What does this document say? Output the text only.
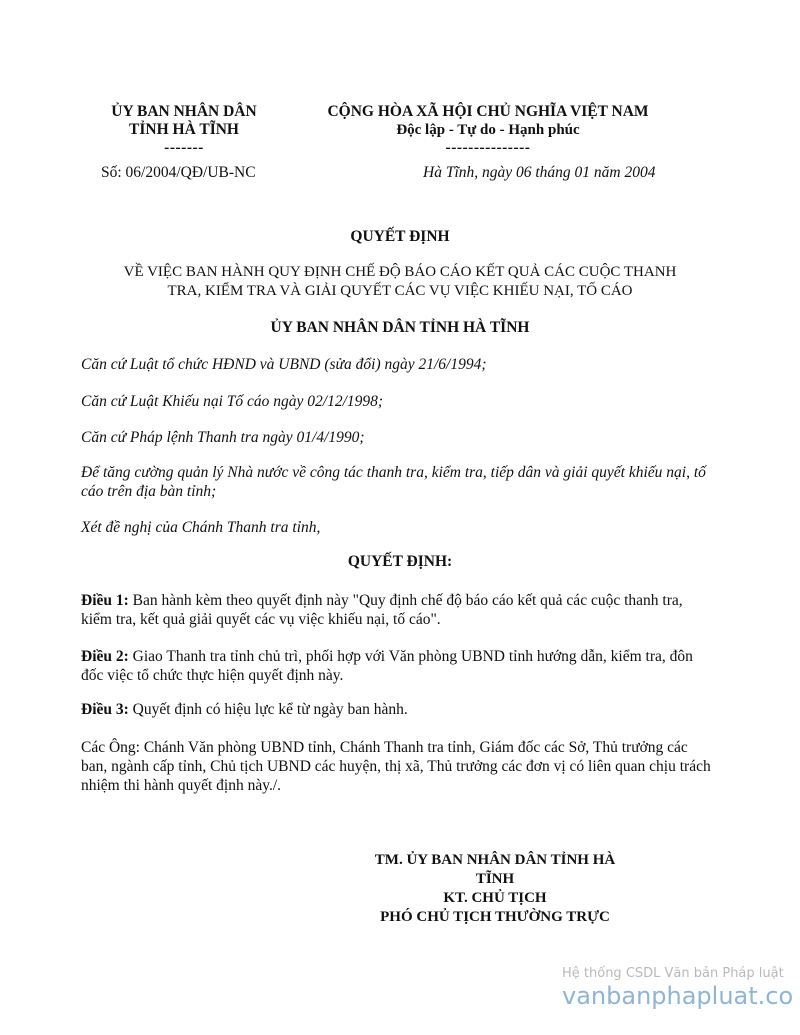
ỦY BAN NHÂN DÂN
TỈNH HÀ TĨNH
-------
CỘNG HÒA XÃ HỘI CHỦ NGHĨA VIỆT NAM
Độc lập - Tự do - Hạnh phúc
---------------
Số: 06/2004/QĐ/UB-NC	Hà Tĩnh, ngày 06 tháng 01 năm 2004
QUYẾT ĐỊNH
VỀ VIỆC BAN HÀNH QUY ĐỊNH CHẾ ĐỘ BÁO CÁO KẾT QUẢ CÁC CUỘC THANH
TRA, KIỂM TRA VÀ GIẢI QUYẾT CÁC VỤ VIỆC KHIẾU NẠI, TỐ CÁO
ỦY BAN NHÂN DÂN TỈNH HÀ TĨNH
Căn cứ Luật tổ chức HĐND và UBND (sửa đổi) ngày 21/6/1994;
Căn cứ Luật Khiếu nại Tố cáo ngày 02/12/1998;
Căn cứ Pháp lệnh Thanh tra ngày 01/4/1990;
Để tăng cường quản lý Nhà nước về công tác thanh tra, kiểm tra, tiếp dân và giải quyết khiếu nại, tố cáo trên địa bàn tỉnh;
Xét đề nghị của Chánh Thanh tra tỉnh,
QUYẾT ĐỊNH:
Điều 1: Ban hành kèm theo quyết định này "Quy định chế độ báo cáo kết quả các cuộc thanh tra, kiểm tra, kết quả giải quyết các vụ việc khiếu nại, tố cáo".
Điều 2: Giao Thanh tra tỉnh chủ trì, phối hợp với Văn phòng UBND tỉnh hướng dẫn, kiểm tra, đôn đốc việc tổ chức thực hiện quyết định này.
Điều 3: Quyết định có hiệu lực kể từ ngày ban hành.
Các Ông: Chánh Văn phòng UBND tỉnh, Chánh Thanh tra tỉnh, Giám đốc các Sở, Thủ trưởng các ban, ngành cấp tỉnh, Chủ tịch UBND các huyện, thị xã, Thủ trưởng các đơn vị có liên quan chịu trách nhiệm thi hành quyết định này./.
TM. ỦY BAN NHÂN DÂN TỈNH HÀ
TĨNH
KT. CHỦ TỊCH
PHÓ CHỦ TỊCH THƯỜNG TRỰC
Hệ thống CSDL Văn bản Pháp luật
vanbanphapluat.co
